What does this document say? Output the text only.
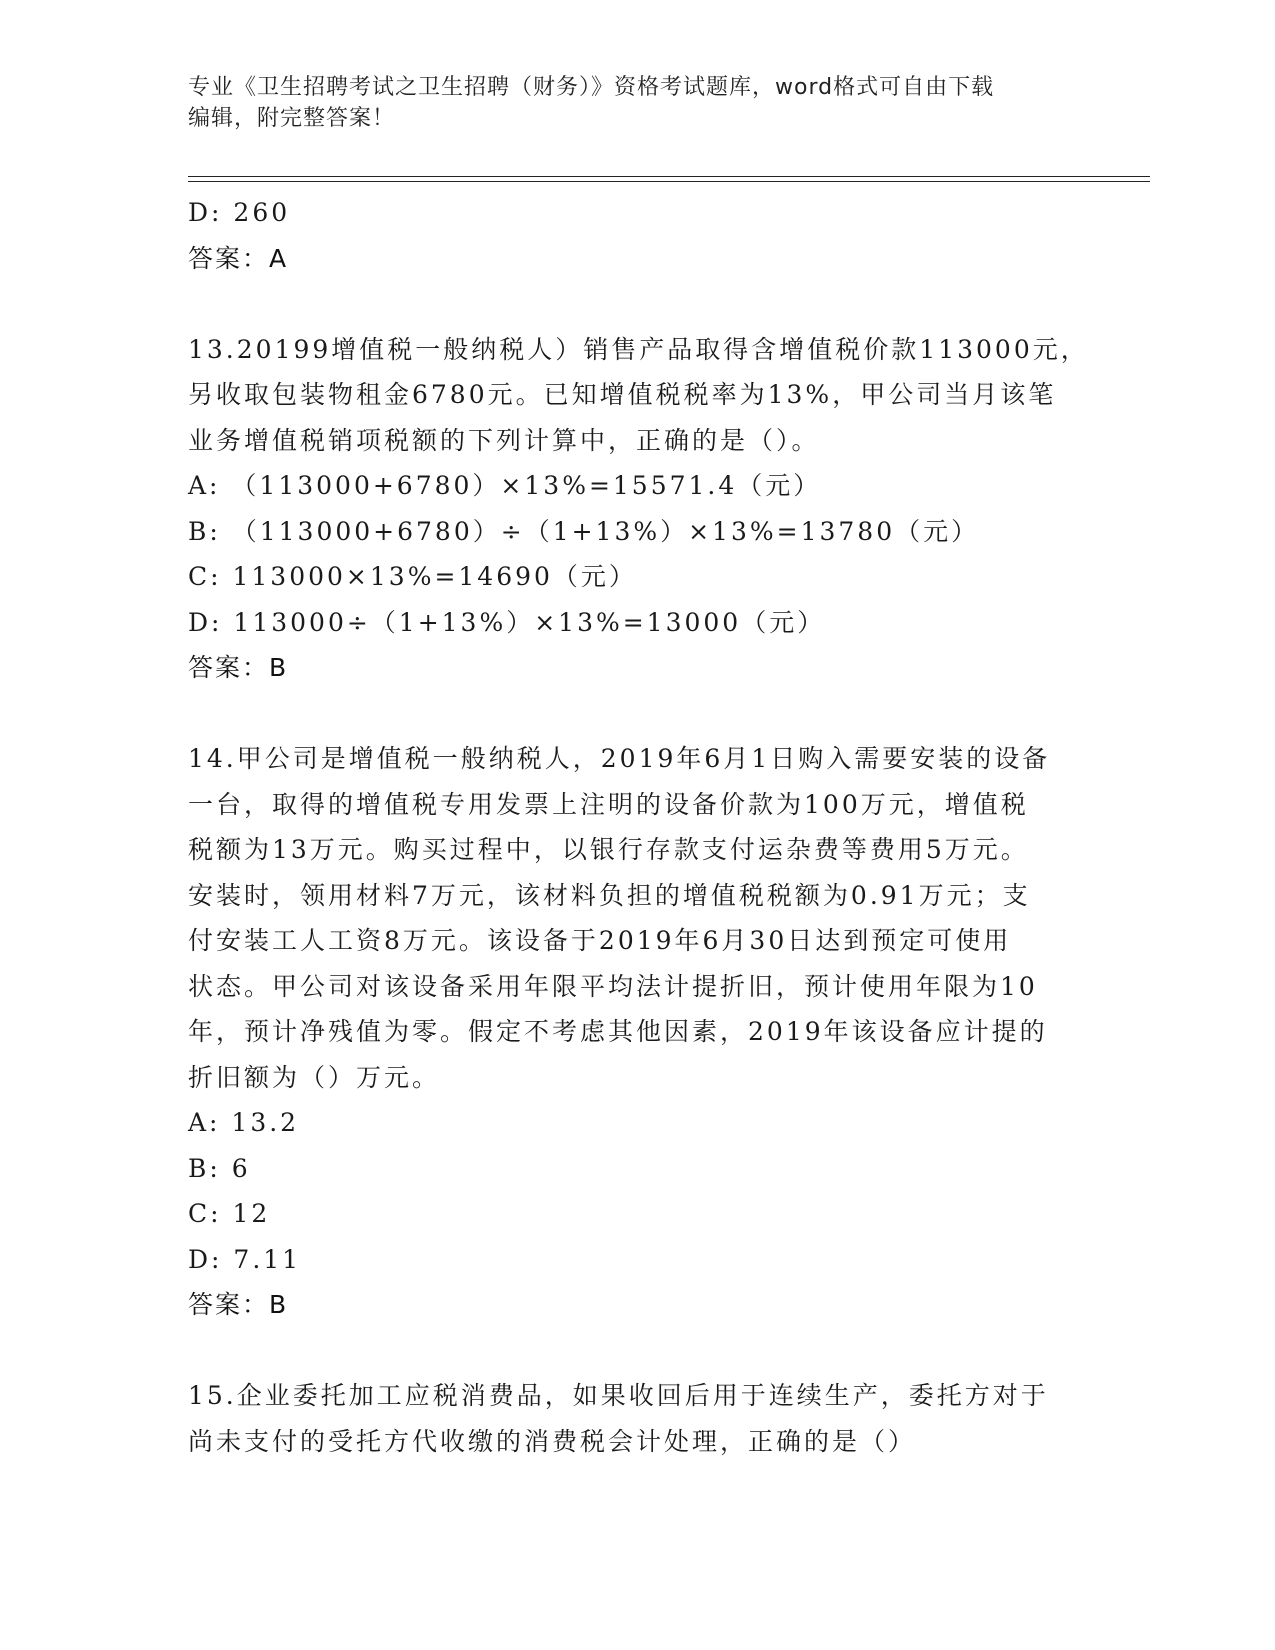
专业《卫生招聘考试之卫生招聘（财务）》资格考试题库，word格式可自由下载
编辑，附完整答案！
D: 260
答案：A
13.20199增值税一般纳税人）销售产品取得含增值税价款113000元，
另收取包装物租金6780元。已知增值税税率为13%，甲公司当月该笔
业务增值税销项税额的下列计算中，正确的是（）。
A: （113000+6780）×13%=15571.4（元）
B: （113000+6780）÷（1+13%）×13%=13780（元）
C: 113000×13%=14690（元）
D: 113000÷（1+13%）×13%=13000（元）
答案：B
14.甲公司是增值税一般纳税人，2019年6月1日购入需要安装的设备
一台，取得的增值税专用发票上注明的设备价款为100万元，增值税
税额为13万元。购买过程中，以银行存款支付运杂费等费用5万元。
安装时，领用材料7万元，该材料负担的增值税税额为0.91万元；支
付安装工人工资8万元。该设备于2019年6月30日达到预定可使用
状态。甲公司对该设备采用年限平均法计提折旧，预计使用年限为10
年，预计净残值为零。假定不考虑其他因素，2019年该设备应计提的
折旧额为（）万元。
A: 13.2
B: 6
C: 12
D: 7.11
答案：B
15.企业委托加工应税消费品，如果收回后用于连续生产，委托方对于
尚未支付的受托方代收缴的消费税会计处理，正确的是（）
